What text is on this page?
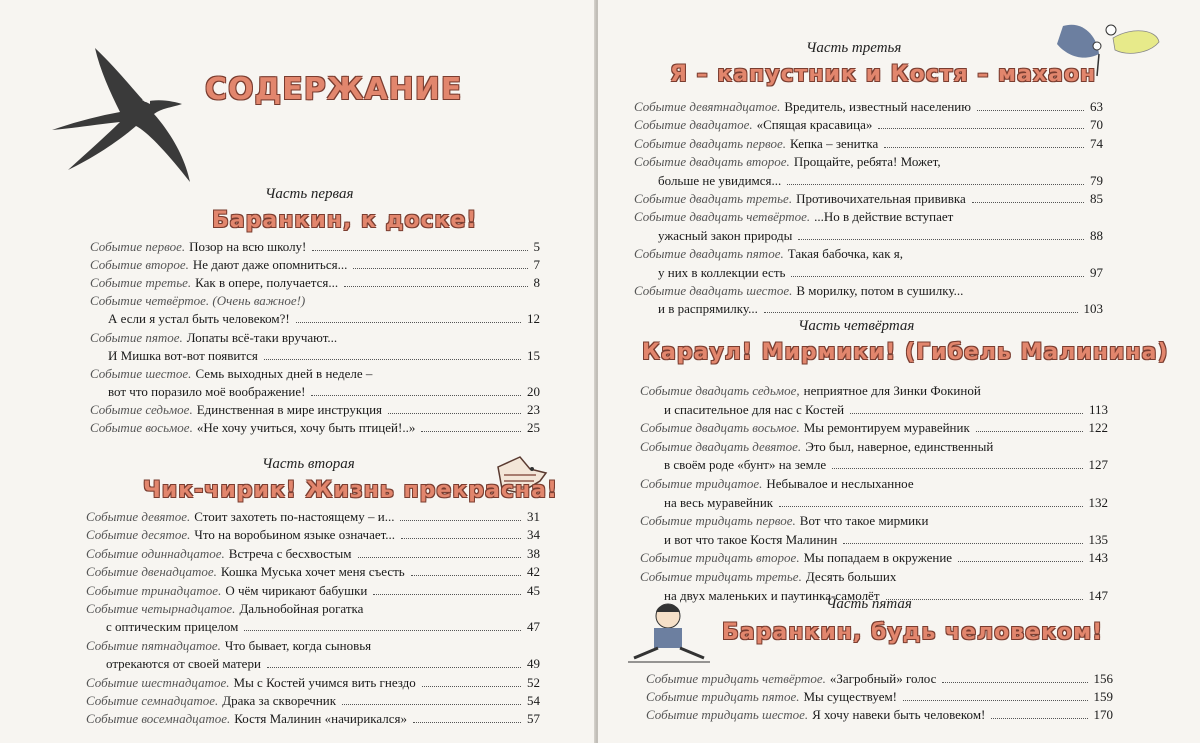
СОДЕРЖАНИЕ
Часть первая
Баранкин, к доске!
Событие первое. Позор на всю школу!	5
Событие второе. Не дают даже опомниться...	7
Событие третье. Как в опере, получается...	8
Событие четвёртое. (Очень важное!)
А если я устал быть человеком?!	12
Событие пятое. Лопаты всё-таки вручают...
И Мишка вот-вот появится	15
Событие шестое. Семь выходных дней в неделе –
вот что поразило моё воображение!	20
Событие седьмое. Единственная в мире инструкция	23
Событие восьмое. «Не хочу учиться, хочу быть птицей!..»	25
Часть вторая
Чик-чирик! Жизнь прекрасна!
Событие девятое. Стоит захотеть по-настоящему – и...	31
Событие десятое. Что на воробьином языке означает...	34
Событие одиннадцатое. Встреча с бесхвостым	38
Событие двенадцатое. Кошка Муська хочет меня съесть	42
Событие тринадцатое. О чём чирикают бабушки	45
Событие четырнадцатое. Дальнобойная рогатка
с оптическим прицелом	47
Событие пятнадцатое. Что бывает, когда сыновья
отрекаются от своей матери	49
Событие шестнадцатое. Мы с Костей учимся вить гнездо	52
Событие семнадцатое. Драка за скворечник	54
Событие восемнадцатое. Костя Малинин «начирикался»	57
Часть третья
Я – капустник и Костя – махаон
Событие девятнадцатое. Вредитель, известный населению	63
Событие двадцатое. «Спящая красавица»	70
Событие двадцать первое. Кепка – зенитка	74
Событие двадцать второе. Прощайте, ребята! Может,
больше не увидимся...	79
Событие двадцать третье. Противочихательная прививка	85
Событие двадцать четвёртое. ...Но в действие вступает
ужасный закон природы	88
Событие двадцать пятое. Такая бабочка, как я,
у них в коллекции есть	97
Событие двадцать шестое. В морилку, потом в сушилку...
и в распрямилку...	103
Часть четвёртая
Караул! Мирмики! (Гибель Малинина)
Событие двадцать седьмое, неприятное для Зинки Фокиной
и спасительное для нас с Костей	113
Событие двадцать восьмое. Мы ремонтируем муравейник	122
Событие двадцать девятое. Это был, наверное, единственный
в своём роде «бунт» на земле	127
Событие тридцатое. Небывалое и неслыханное
на весь муравейник	132
Событие тридцать первое. Вот что такое мирмики
и вот что такое Костя Малинин	135
Событие тридцать второе. Мы попадаем в окружение	143
Событие тридцать третье. Десять больших
на двух маленьких и паутинка-самолёт	147
Часть пятая
Баранкин, будь человеком!
Событие тридцать четвёртое. «Загробный» голос	156
Событие тридцать пятое. Мы существуем!	159
Событие тридцать шестое. Я хочу навеки быть человеком!	170
